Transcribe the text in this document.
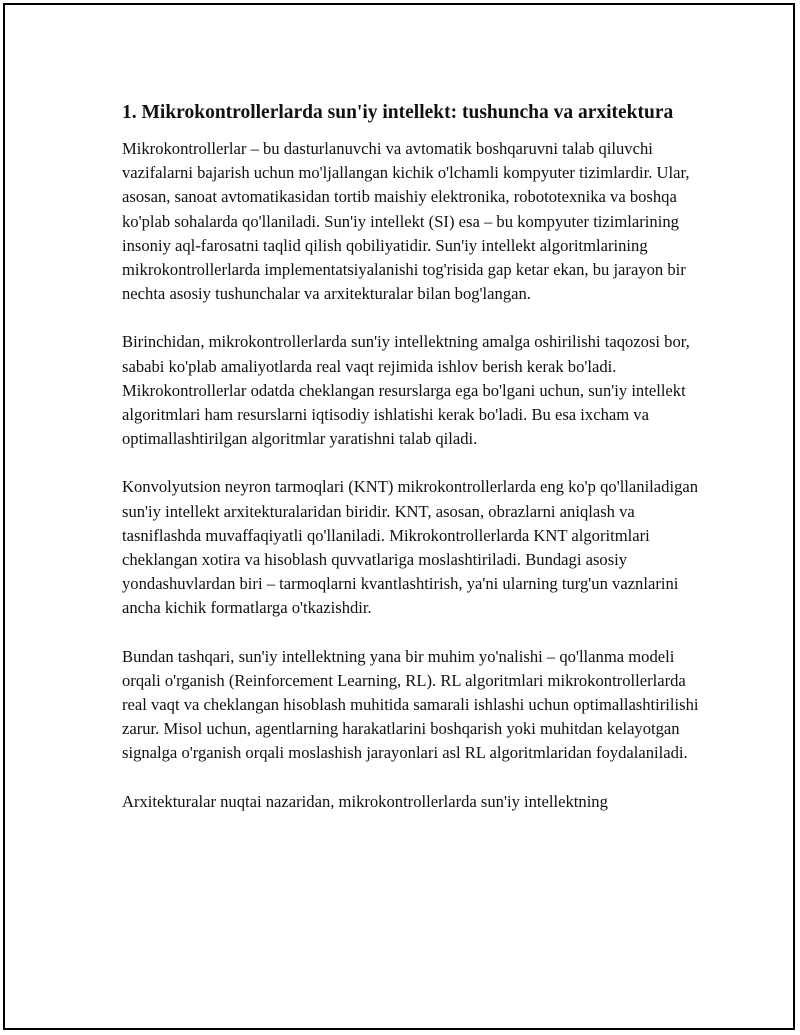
1. Mikrokontrollerlarda sun'iy intellekt: tushuncha va arxitektura

Mikrokontrollerlar – bu dasturlanuvchi va avtomatik boshqaruvni talab qiluvchi vazifalarni bajarish uchun mo'ljallangan kichik o'lchamli kompyuter tizimlardir. Ular, asosan, sanoat avtomatikasidan tortib maishiy elektronika, robototexnika va boshqa ko'plab sohalarda qo'llaniladi. Sun'iy intellekt (SI) esa – bu kompyuter tizimlarining insoniy aql-farosatni taqlid qilish qobiliyatidir. Sun'iy intellekt algoritmlarining mikrokontrollerlarda implementatsiyalanishi tog'risida gap ketar ekan, bu jarayon bir nechta asosiy tushunchalar va arxitekturalar bilan bog'langan.

Birinchidan, mikrokontrollerlarda sun'iy intellektning amalga oshirilishi taqozosi bor, sababi ko'plab amaliyotlarda real vaqt rejimida ishlov berish kerak bo'ladi. Mikrokontrollerlar odatda cheklangan resurslarga ega bo'lgani uchun, sun'iy intellekt algoritmlari ham resurslarni iqtisodiy ishlatishi kerak bo'ladi. Bu esa ixcham va optimallashtirilgan algoritmlar yaratishni talab qiladi.

Konvolyutsion neyron tarmoqlari (KNT) mikrokontrollerlarda eng ko'p qo'llaniladigan sun'iy intellekt arxitekturalaridan biridir. KNT, asosan, obrazlarni aniqlash va tasniflashda muvaffaqiyatli qo'llaniladi. Mikrokontrollerlarda KNT algoritmlari cheklangan xotira va hisoblash quvvatlariga moslashtiriladi. Bundagi asosiy yondashuvlardan biri – tarmoqlarni kvantlashtirish, ya'ni ularning turg'un vaznlarini ancha kichik formatlarga o'tkazishdir.

Bundan tashqari, sun'iy intellektning yana bir muhim yo'nalishi – qo'llanma modeli orqali o'rganish (Reinforcement Learning, RL). RL algoritmlari mikrokontrollerlarda real vaqt va cheklangan hisoblash muhitida samarali ishlashi uchun optimallashtirilishi zarur. Misol uchun, agentlarning harakatlarini boshqarish yoki muhitdan kelayotgan signalga o'rganish orqali moslashish jarayonlari asl RL algoritmlaridan foydalaniladi.

Arxitekturalar nuqtai nazaridan, mikrokontrollerlarda sun'iy intellektning
